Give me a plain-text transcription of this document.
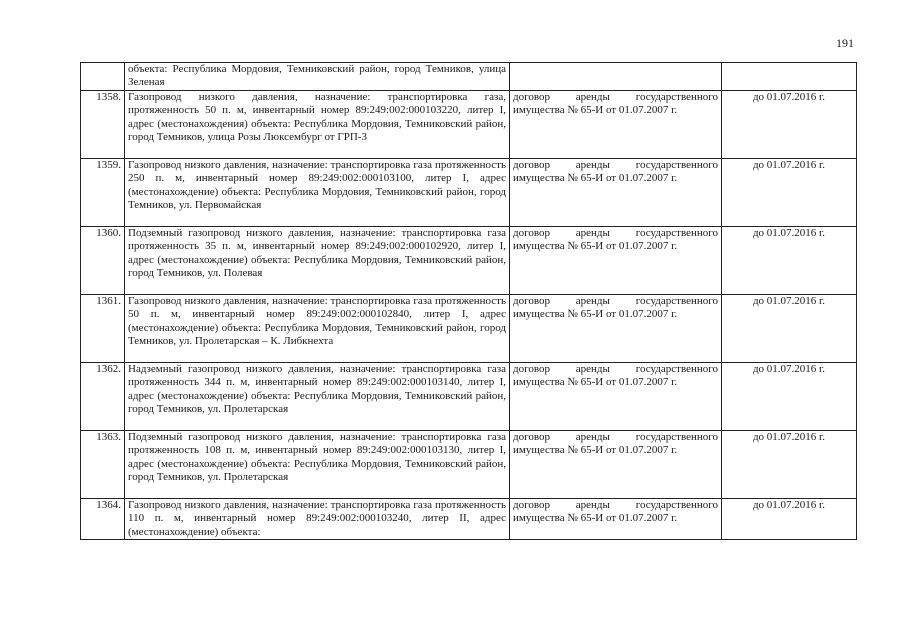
191
	объекта: Республика Мордовия, Темниковский район, город Темников, улица Зеленая		
1358.	Газопровод низкого давления, назначение: транспортировка газа, протяженность 50 п. м, инвентарный номер 89:249:002:000103220, литер I, адрес (местонахождения) объекта: Республика Мордовия, Темниковский район, город Темников, улица Розы Люксембург от ГРП-3	договор аренды государственного имущества № 65-И от 01.07.2007 г.	до 01.07.2016 г.
1359.	Газопровод низкого давления, назначение: транспортировка газа протяженность 250 п. м, инвентарный номер 89:249:002:000103100, литер I, адрес (местонахождение) объекта: Республика Мордовия, Темниковский район, город Темников, ул. Первомайская	договор аренды государственного имущества № 65-И от 01.07.2007 г.	до 01.07.2016 г.
1360.	Подземный газопровод низкого давления, назначение: транспортировка газа протяженность 35 п. м, инвентарный номер 89:249:002:000102920, литер I, адрес (местонахождение) объекта: Республика Мордовия, Темниковский район, город Темников, ул. Полевая	договор аренды государственного имущества № 65-И от 01.07.2007 г.	до 01.07.2016 г.
1361.	Газопровод низкого давления, назначение: транспортировка газа протяженность 50 п. м, инвентарный номер 89:249:002:000102840, литер I, адрес (местонахождение) объекта: Республика Мордовия, Темниковский район, город Темников, ул. Пролетарская – К. Либкнехта	договор аренды государственного имущества № 65-И от 01.07.2007 г.	до 01.07.2016 г.
1362.	Надземный газопровод низкого давления, назначение: транспортировка газа протяженность 344 п. м, инвентарный номер 89:249:002:000103140, литер I, адрес (местонахождение) объекта: Республика Мордовия, Темниковский район, город Темников, ул. Пролетарская	договор аренды государственного имущества № 65-И от 01.07.2007 г.	до 01.07.2016 г.
1363.	Подземный газопровод низкого давления, назначение: транспортировка газа протяженность 108 п. м, инвентарный номер 89:249:002:000103130, литер I, адрес (местонахождение) объекта: Республика Мордовия, Темниковский район, город Темников, ул. Пролетарская	договор аренды государственного имущества № 65-И от 01.07.2007 г.	до 01.07.2016 г.
1364.	Газопровод низкого давления, назначение: транспортировка газа протяженность 110 п. м, инвентарный номер 89:249:002:000103240, литер II, адрес (местонахождение) объекта:	договор аренды государственного имущества № 65-И от 01.07.2007 г.	до 01.07.2016 г.
